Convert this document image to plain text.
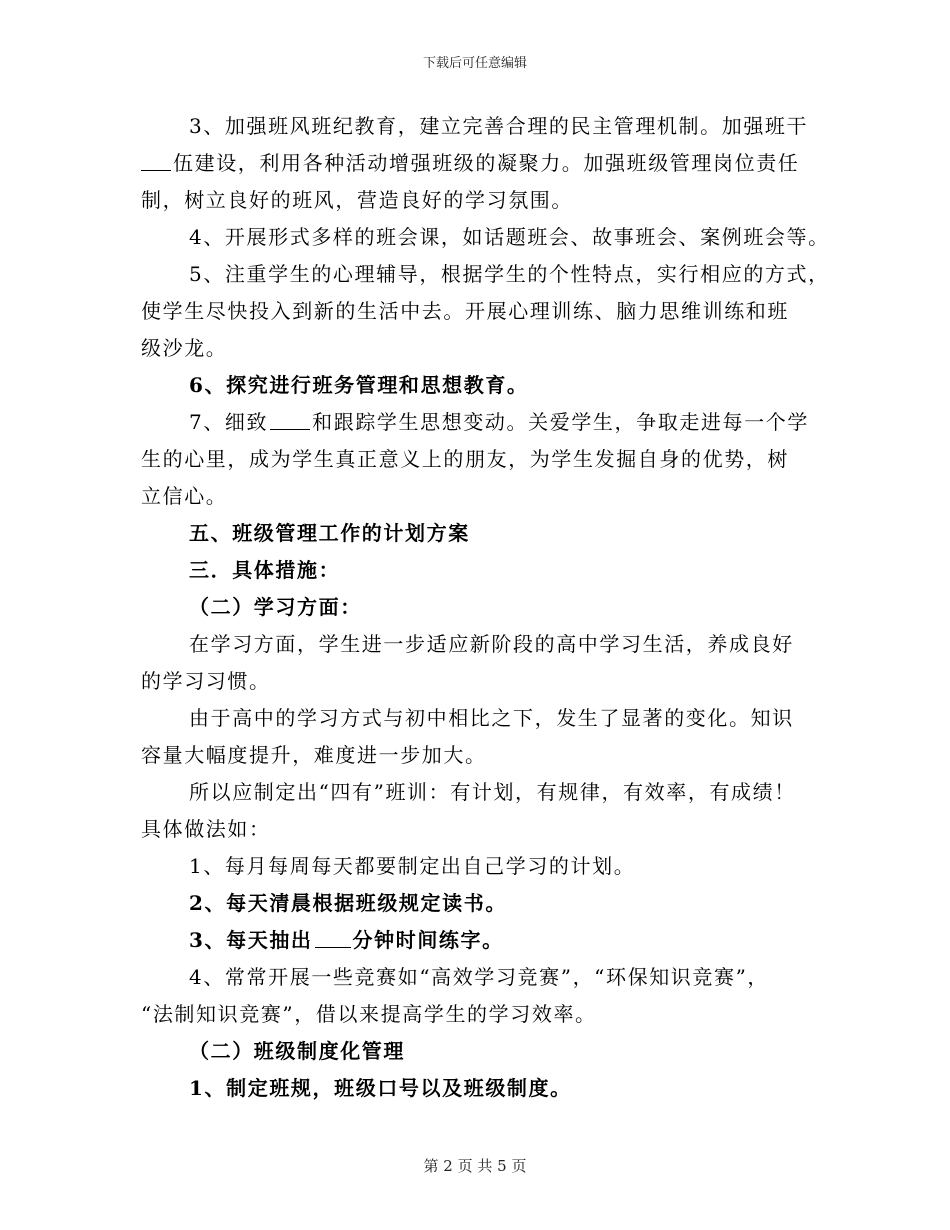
下载后可任意编辑
3、加强班风班纪教育，建立完善合理的民主管理机制。加强班干
伍建设，利用各种活动增强班级的凝聚力。加强班级管理岗位责任
制，树立良好的班风，营造良好的学习氛围。
4、开展形式多样的班会课，如话题班会、故事班会、案例班会等。
5、注重学生的心理辅导，根据学生的个性特点，实行相应的方式，
使学生尽快投入到新的生活中去。开展心理训练、脑力思维训练和班
级沙龙。
6、探究进行班务管理和思想教育。
7、细致 和跟踪学生思想变动。关爱学生，争取走进每一个学
生的心里，成为学生真正意义上的朋友，为学生发掘自身的优势，树
立信心。
五、班级管理工作的计划方案
三．具体措施：
（二）学习方面：
在学习方面，学生进一步适应新阶段的高中学习生活，养成良好
的学习习惯。
由于高中的学习方式与初中相比之下，发生了显著的变化。知识
容量大幅度提升，难度进一步加大。
所以应制定出“四有”班训：有计划，有规律，有效率，有成绩！
具体做法如：
1、每月每周每天都要制定出自己学习的计划。
2、每天清晨根据班级规定读书。
3、每天抽出 分钟时间练字。
4、常常开展一些竞赛如“高效学习竞赛”，“环保知识竞赛”，
“法制知识竞赛”，借以来提高学生的学习效率。
（二）班级制度化管理
1、制定班规，班级口号以及班级制度。
第 2 页 共 5 页
